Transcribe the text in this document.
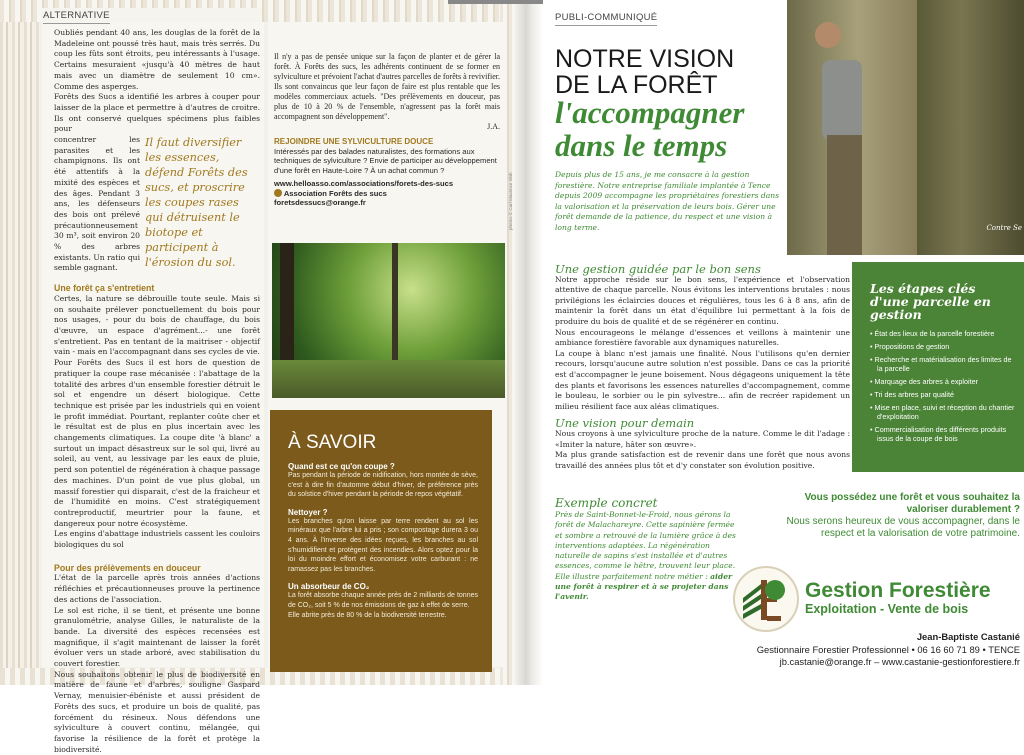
ALTERNATIVE

Oubliés pendant 40 ans, les douglas de la forêt de la Madeleine ont poussé très haut, mais très serrés. Du coup les fûts sont étroits, peu intéressants à l'usage. Certains mesuraient «jusqu'à 40 mètres de haut mais avec un diamètre de seulement 10 cm». Comme des asperges.

Forêts des Sucs a identifié les arbres à couper pour laisser de la place et permettre à d'autres de croitre. Ils ont conservé quelques spécimens plus faibles pour

concentrer les parasites et les champignons. Ils ont été attentifs à la mixité des espèces et des âges. Pendant 3 ans, les défenseurs des bois ont prélevé précautionneusement 30 m³, soit environ 20 % des arbres existants. Un ratio qui semble gagnant.

Il faut diversifier les essences, défend Forêts des sucs, et proscrire les coupes rases qui détruisent le biotope et participent à l'érosion du sol.

Une forêt ça s'entretient

Certes, la nature se débrouille toute seule. Mais si on souhaite prélever ponctuellement du bois pour nos usages, - pour du bois de chauffage, du bois d'œuvre, un espace d'agrément...- une forêt s'entretient. Pas en tentant de la maitriser - objectif vain - mais en l'accompagnant dans ses cycles de vie.

Pour Forêts des Sucs il est hors de question de pratiquer la coupe rase mécanisée : l'abattage de la totalité des arbres d'un ensemble forestier détruit le sol et engendre un désert biologique. Cette technique est prisée par les industriels qui en voient le profit immédiat. Pourtant, replanter coûte cher et le résultat est de plus en plus incertain avec les changements climatiques. La coupe dite 'à blanc' a surtout un impact désastreux sur le sol qui, livré au soleil, au vent, au lessivage par les eaux de pluie, perd son potentiel de régénération à chaque passage des machines. D'un point de vue plus global, un massif forestier qui disparait, c'est de la fraicheur et de l'humidité en moins. C'est stratégiquement contreproductif, meurtrier pour la faune, et dangereux pour notre écosystème.

Les engins d'abattage industriels cassent les couloirs biologiques du sol

Pour des prélèvements en douceur

L'état de la parcelle après trois années d'actions réfléchies et précautionneuses prouve la pertinence des actions de l'association.

Le sol est riche, il se tient, et présente une bonne granulométrie, analyse Gilles, le naturaliste de la bande. La diversité des espèces recensées est magnifique, il s'agit maintenant de laisser la forêt évoluer vers un stade arboré, avec stabilisation du couvert forestier.

Nous souhaitons obtenir le plus de biodiversité en matière de faune et d'arbres, souligne Gaspard Vernay, menuisier-ébéniste et aussi président de Forêts des sucs, et produire un bois de qualité, pas forcément du résineux. Nous défendons une sylviculture à couvert continu, mélangée, qui favorise la résilience de la forêt et protège la biodiversité.

Il n'y a pas de pensée unique sur la façon de planter et de gérer la forêt. À Forêts des sucs, les adhérents continuent de se former en sylviculture et prévoient l'achat d'autres parcelles de forêts à revivifier. Ils sont convaincus que leur façon de faire est plus rentable que les modèles commerciaux actuels. "Des prélèvements en douceur, pas plus de 10 à 20 % de l'ensemble, n'agressent pas la forêt mais accompagnent son développement".

J.A.

REJOINDRE UNE SYLVICULTURE DOUCE

Intéressés par des balades naturalistes, des formations aux techniques de sylviculture ? Envie de participer au développement d'une forêt en Haute-Loire ? À un achat commun ?

www.helloasso.com/associations/forets-des-sucs
Association Forêts des sucs
foretsdessucs@orange.fr	photos © Carl-Maxence Vinh
À SAVOIR
Quand est ce qu'on coupe ?

Pas pendant la période de nidification, hors montée de sève, c'est à dire fin d'automne début d'hiver, de préférence près du solstice d'hiver pendant la période de repos végétatif.

Nettoyer ?

Les branches qu'on laisse par terre rendent au sol les minéraux que l'arbre lui a pris ; son compostage durera 3 ou 4 ans. À l'inverse des idées reçues, les branches au sol s'humidifient et protègent des incendies. Alors optez pour la loi du moindre effort et économisez votre carburant : ne ramassez pas les branches.

Un absorbeur de CO₂

La forêt absorbe chaque année près de 2 milliards de tonnes de CO₂, soit 5 % de nos émissions de gaz à effet de serre.

Elle abrite près de 80 % de la biodiversité terrestre.

PUBLI-COMMUNIQUÉ
NOTRE VISION
DE LA FORÊT
l'accompagner
dans le temps

Depuis plus de 15 ans, je me consacre à la gestion forestière. Notre entreprise familiale implantée à Tence depuis 2009 accompagne les propriétaires forestiers dans la valorisation et la préservation de leurs bois. Gérer une forêt demande de la patience, du respect et une vision à long terme.	Contre Se
Une gestion guidée par le bon sens

Notre approche réside sur le bon sens, l'expérience et l'observation attentive de chaque parcelle. Nous évitons les interventions brutales : nous privilégions les éclaircies douces et régulières, tous les 6 à 8 ans, afin de maintenir la forêt dans un état d'équilibre lui permettant à la fois de produire du bois de qualité et de se régénérer en continu.

Nous encourageons le mélange d'essences et veillons à maintenir une ambiance forestière favorable aux dynamiques naturelles.

La coupe à blanc n'est jamais une finalité. Nous l'utilisons qu'en dernier recours, lorsqu'aucune autre solution n'est possible. Dans ce cas la priorité est d'accompagner le jeune boisement. Nous dégageons uniquement la tête des plants et favorisons les essences naturelles d'accompagnement, comme le bouleau, le sorbier ou le pin sylvestre... afin de recréer rapidement un milieu résilient face aux aléas climatiques.

Une vision pour demain

Nous croyons à une sylviculture proche de la nature. Comme le dit l'adage : «Imiter la nature, hâter son œuvre».

Ma plus grande satisfaction est de revenir dans une forêt que nous avons travaillé des années plus tôt et d'y constater son évolution positive.

Exemple concret

Près de Saint-Bonnet-le-Froid, nous gérons la forêt de Malachareyre. Cette sapinière fermée et sombre a retrouvé de la lumière grâce à des interventions adaptées. La régénération naturelle de sapins s'est installée et d'autres essences, comme le hêtre, trouvent leur place. Elle illustre parfaitement notre métier : aider une forêt à respirer et à se projeter dans l'avenir.

Les étapes clés d'une parcelle en gestion
• État des lieux de la parcelle forestière
• Propositions de gestion
• Recherche et matérialisation des limites de la parcelle
• Marquage des arbres à exploiter
• Tri des arbres par qualité
• Mise en place, suivi et réception du chantier d'exploitation
• Commercialisation des différents produits issus de la coupe de bois
Vous possédez une forêt et vous souhaitez la valoriser durablement ?
Nous serons heureux de vous accompagner, dans le respect et la valorisation de votre patrimoine.
Gestion Forestière
Exploitation - Vente de bois
Jean-Baptiste Castanié
Gestionnaire Forestier Professionnel • 06 16 60 71 89 • TENCE
jb.castanie@orange.fr – www.castanie-gestionforestiere.fr
